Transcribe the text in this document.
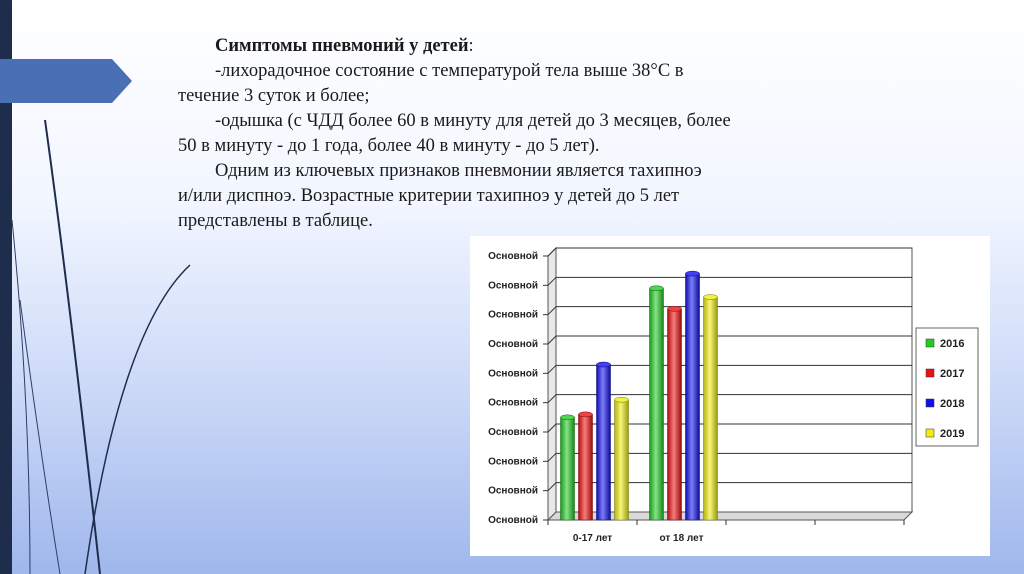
Симптомы пневмоний у детей:

-лихорадочное состояние с температурой тела выше 38°С в

течение 3 суток и более;

-одышка (с ЧДД более 60 в минуту для детей до 3 месяцев, более

50 в минуту - до 1 года, более 40 в минуту - до 5 лет).

Одним из ключевых признаков пневмонии является тахипноэ

и/или диспноэ. Возрастные критерии тахипноэ у детей до 5 лет

представлены в таблице.

Основной
Основной
Основной
Основной
Основной
Основной
Основной
Основной
Основной
Основной
0-17 лет	от 18 лет
2016
2017
2018
2019
